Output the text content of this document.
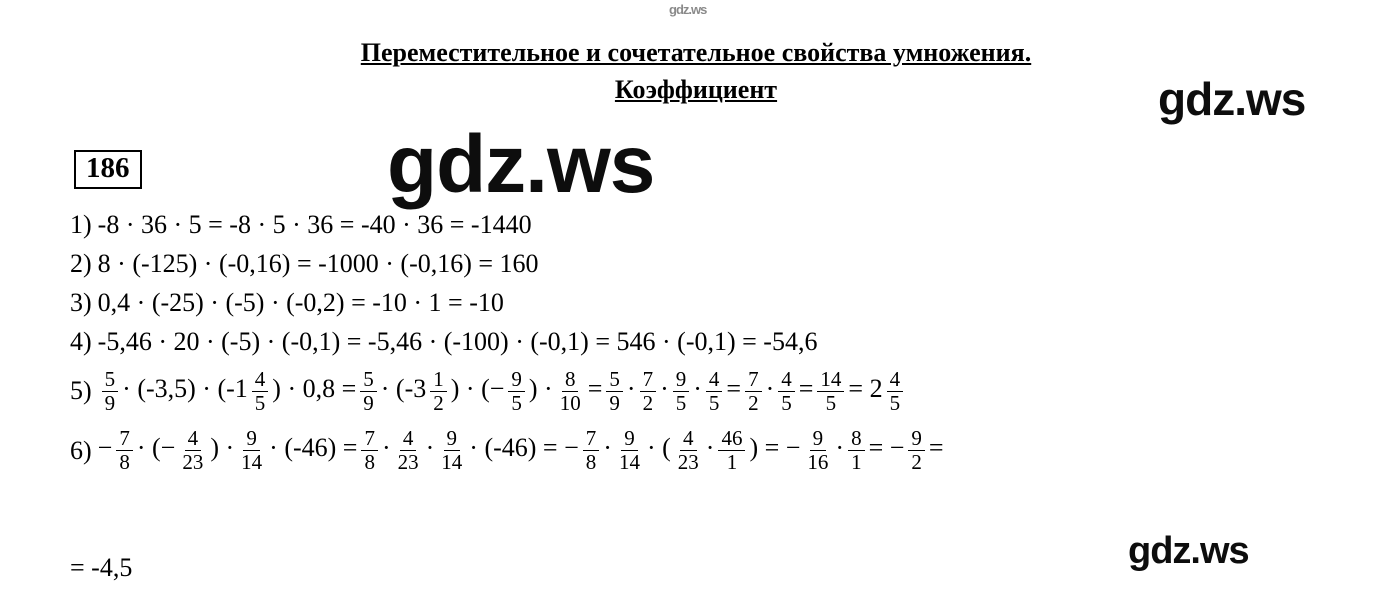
gdz.ws
gdz.ws
gdz.ws
gdz.ws
Переместительное и сочетательное свойства умножения.
Коэффициент
186
1) -8 · 36 · 5 = -8 · 5 · 36 = -40 · 36 = -1440
2) 8 · (-125) · (-0,16) = -1000 · (-0,16) = 160
3) 0,4 · (-25) · (-5) · (-0,2) = -10 · 1 = -10
4) -5,46 · 20 · (-5) · (-0,1) = -5,46 · (-100) · (-0,1) = 546 · (-0,1) = -54,6
$5) \frac{5}{9} \cdot (-3,5) \cdot (-1 \frac{4}{5}$ ) · $0,8 = \frac{5}{9} \cdot (-3 \frac{1}{2}$ ) · (− $\frac{9}{5}$ ) · $\frac{8}{10} = \frac{5}{9} \cdot \frac{7}{2} \cdot \frac{9}{5} \cdot \frac{4}{5} = \frac{7}{2} \cdot \frac{4}{5} = \frac{14}{5} = 2 \frac{4}{5}$
$6) - \frac{7}{8}$ · (− $\frac{4}{23}$ ) · $\frac{9}{14} \cdot (-46) = \frac{7}{8} \cdot \frac{4}{23} \cdot \frac{9}{14} \cdot (-46)$ = − $\frac{7}{8} \cdot \frac{9}{14}$ · ( $\frac{4}{23} \cdot \frac{46}{1}$ ) = − $\frac{9}{16} \cdot \frac{8}{1}$ = − $\frac{9}{2}$ =
= -4,5
